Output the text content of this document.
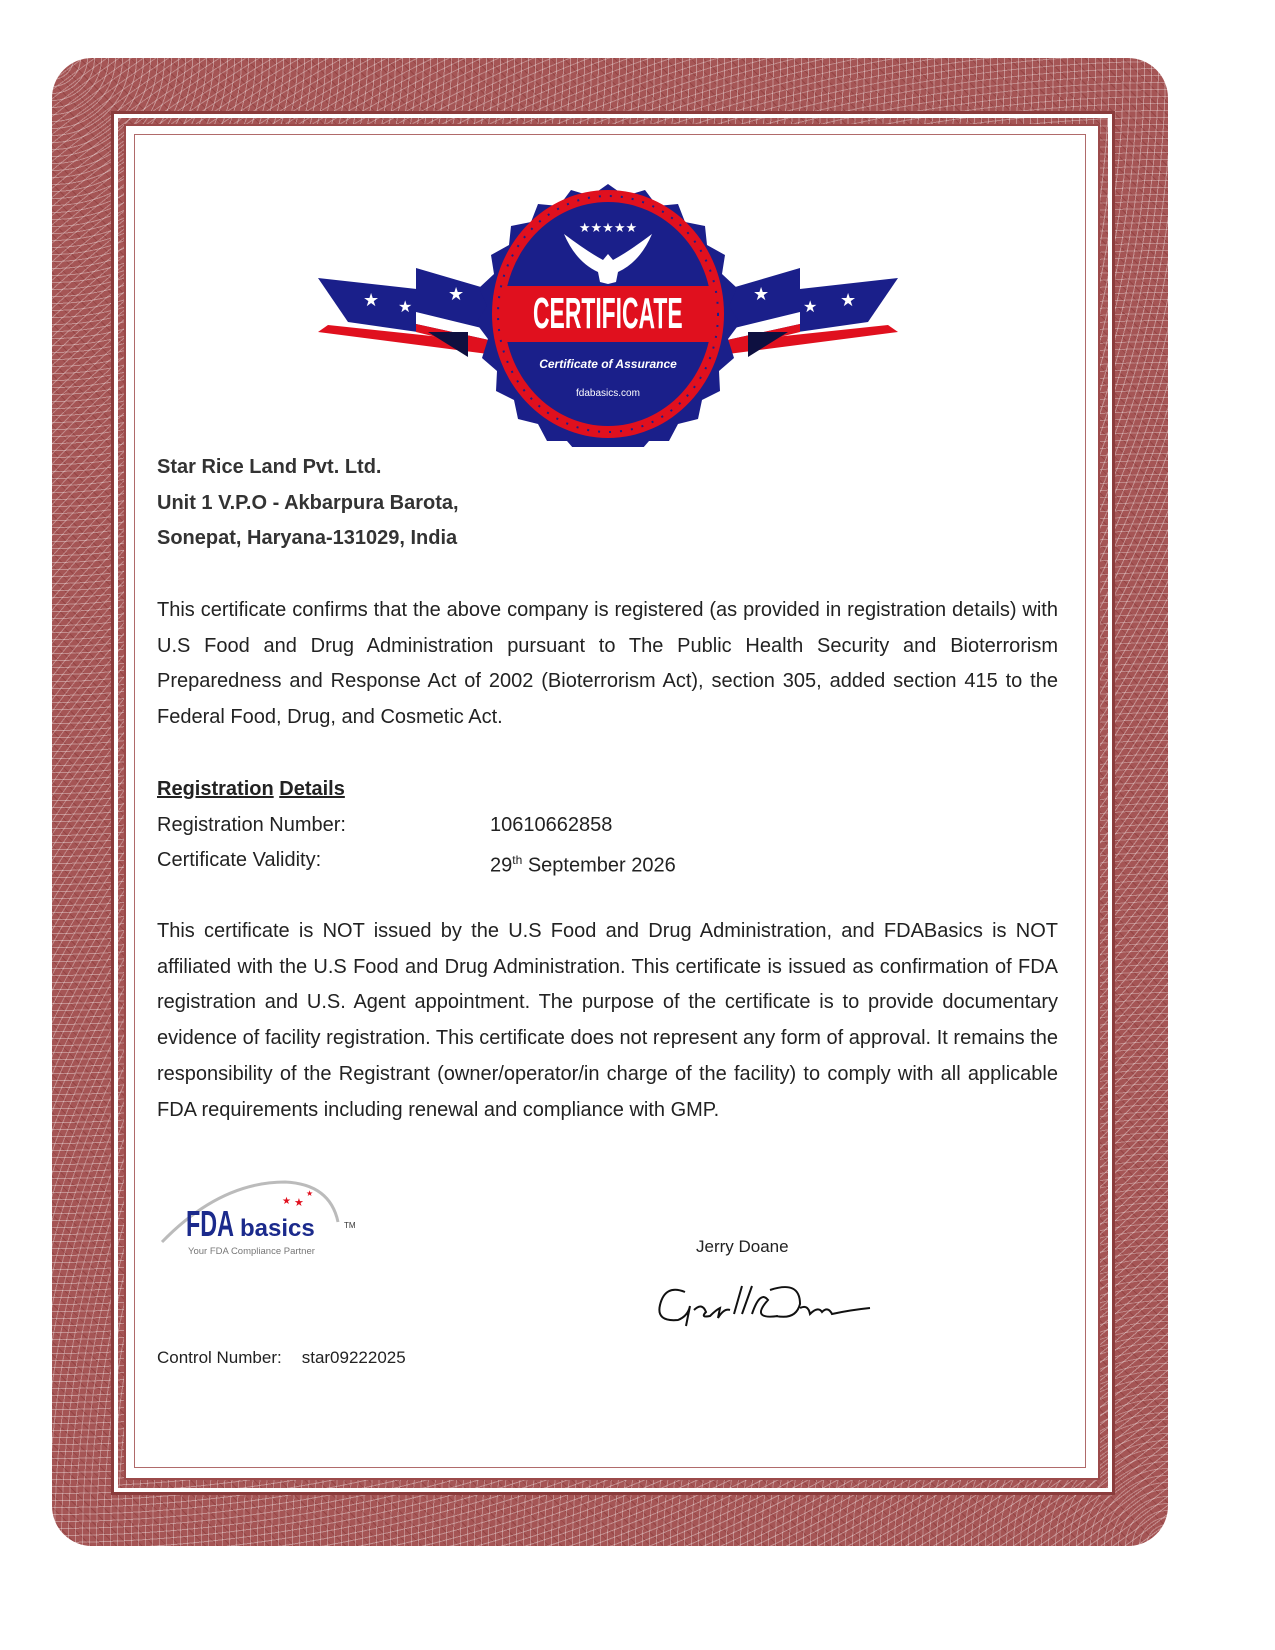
★ ★
★	★
★ ★
★★★★★
Certificate of Assurance
fdabasics.com
CERTIFICATE
Star Rice Land Pvt. Ltd.
Unit 1 V.P.O - Akbarpura Barota,
Sonepat, Haryana-131029, India
This certificate confirms that the above company is registered (as provided in registration details) with U.S Food and Drug Administration pursuant to The Public Health Security and Bioterrorism Preparedness and Response Act of 2002 (Bioterrorism Act), section 305, added section 415 to the Federal Food, Drug, and Cosmetic Act.
Registration Details
Registration Number:	10610662858
Certificate Validity:	29th September 2026
This certificate is NOT issued by the U.S Food and Drug Administration, and FDABasics is NOT affiliated with the U.S Food and Drug Administration. This certificate is issued as confirmation of FDA registration and U.S. Agent appointment. The purpose of the certificate is to provide documentary evidence of facility registration. This certificate does not represent any form of approval. It remains the responsibility of the Registrant (owner/operator/in charge of the facility) to comply with all applicable FDA requirements including renewal and compliance with GMP.
FDA basics	TM
★ ★
★
Your FDA Compliance Partner	Jerry Doane
Control Number: star09222025
